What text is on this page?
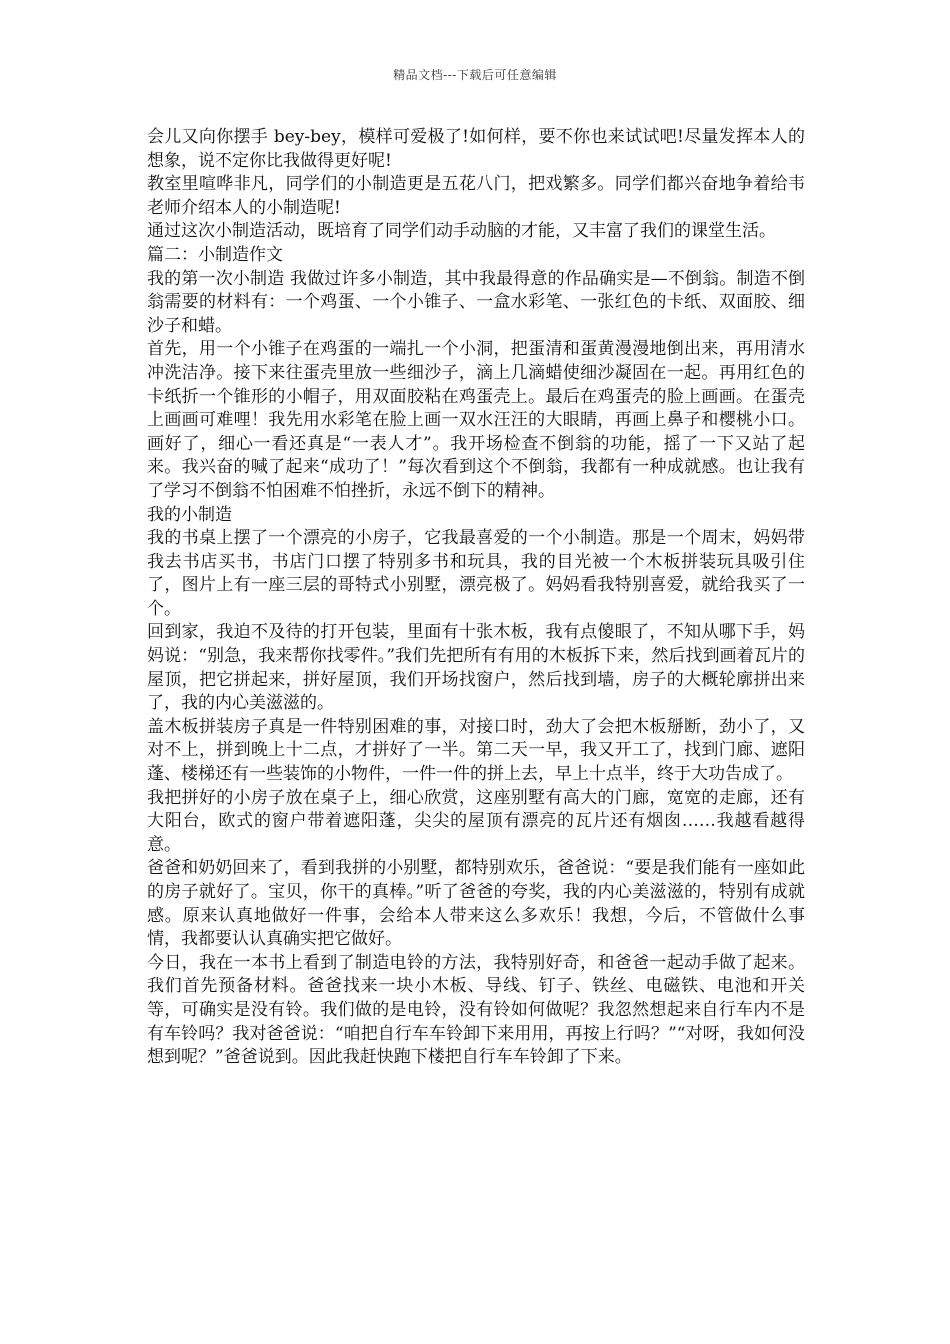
精品文档---下载后可任意编辑

会儿又向你摆手 bey-bey，模样可爱极了!如何样，要不你也来试试吧!尽量发挥本人的想象，说不定你比我做得更好呢!

教室里喧哗非凡，同学们的小制造更是五花八门，把戏繁多。同学们都兴奋地争着给韦老师介绍本人的小制造呢!

通过这次小制造活动，既培育了同学们动手动脑的才能，又丰富了我们的课堂生活。

篇二：小制造作文

我的第一次小制造 我做过许多小制造，其中我最得意的作品确实是—不倒翁。制造不倒翁需要的材料有：一个鸡蛋、一个小锥子、一盒水彩笔、一张红色的卡纸、双面胶、细沙子和蜡。

首先，用一个小锥子在鸡蛋的一端扎一个小洞，把蛋清和蛋黄漫漫地倒出来，再用清水冲洗洁净。接下来往蛋壳里放一些细沙子，滴上几滴蜡使细沙凝固在一起。再用红色的卡纸折一个锥形的小帽子，用双面胶粘在鸡蛋壳上。最后在鸡蛋壳的脸上画画。在蛋壳上画画可难哩！我先用水彩笔在脸上画一双水汪汪的大眼睛，再画上鼻子和樱桃小口。画好了，细心一看还真是“一表人才”。我开场检查不倒翁的功能，摇了一下又站了起来。我兴奋的喊了起来“成功了！”每次看到这个不倒翁，我都有一种成就感。也让我有了学习不倒翁不怕困难不怕挫折，永远不倒下的精神。

我的小制造

我的书桌上摆了一个漂亮的小房子，它我最喜爱的一个小制造。那是一个周末，妈妈带我去书店买书，书店门口摆了特别多书和玩具，我的目光被一个木板拼装玩具吸引住了，图片上有一座三层的哥特式小别墅，漂亮极了。妈妈看我特别喜爱，就给我买了一个。

回到家，我迫不及待的打开包装，里面有十张木板，我有点傻眼了，不知从哪下手，妈妈说：“别急，我来帮你找零件。”我们先把所有有用的木板拆下来，然后找到画着瓦片的屋顶，把它拼起来，拼好屋顶，我们开场找窗户，然后找到墙，房子的大概轮廓拼出来了，我的内心美滋滋的。

盖木板拼装房子真是一件特别困难的事，对接口时，劲大了会把木板掰断，劲小了，又对不上，拼到晚上十二点，才拼好了一半。第二天一早，我又开工了，找到门廊、遮阳蓬、楼梯还有一些装饰的小物件，一件一件的拼上去，早上十点半，终于大功告成了。

我把拼好的小房子放在桌子上，细心欣赏，这座别墅有高大的门廊，宽宽的走廊，还有大阳台，欧式的窗户带着遮阳蓬，尖尖的屋顶有漂亮的瓦片还有烟囱……我越看越得意。

爸爸和奶奶回来了，看到我拼的小别墅，都特别欢乐，爸爸说：“要是我们能有一座如此的房子就好了。宝贝，你干的真棒。”听了爸爸的夸奖，我的内心美滋滋的，特别有成就感。原来认真地做好一件事，会给本人带来这么多欢乐！我想，今后，不管做什么事情，我都要认认真确实把它做好。

今日，我在一本书上看到了制造电铃的方法，我特别好奇，和爸爸一起动手做了起来。 我们首先预备材料。爸爸找来一块小木板、导线、钉子、铁丝、电磁铁、电池和开关等，可确实是没有铃。我们做的是电铃，没有铃如何做呢？我忽然想起来自行车内不是有车铃吗？我对爸爸说：“咱把自行车车铃卸下来用用，再按上行吗？”“对呀，我如何没想到呢？”爸爸说到。因此我赶快跑下楼把自行车车铃卸了下来。
